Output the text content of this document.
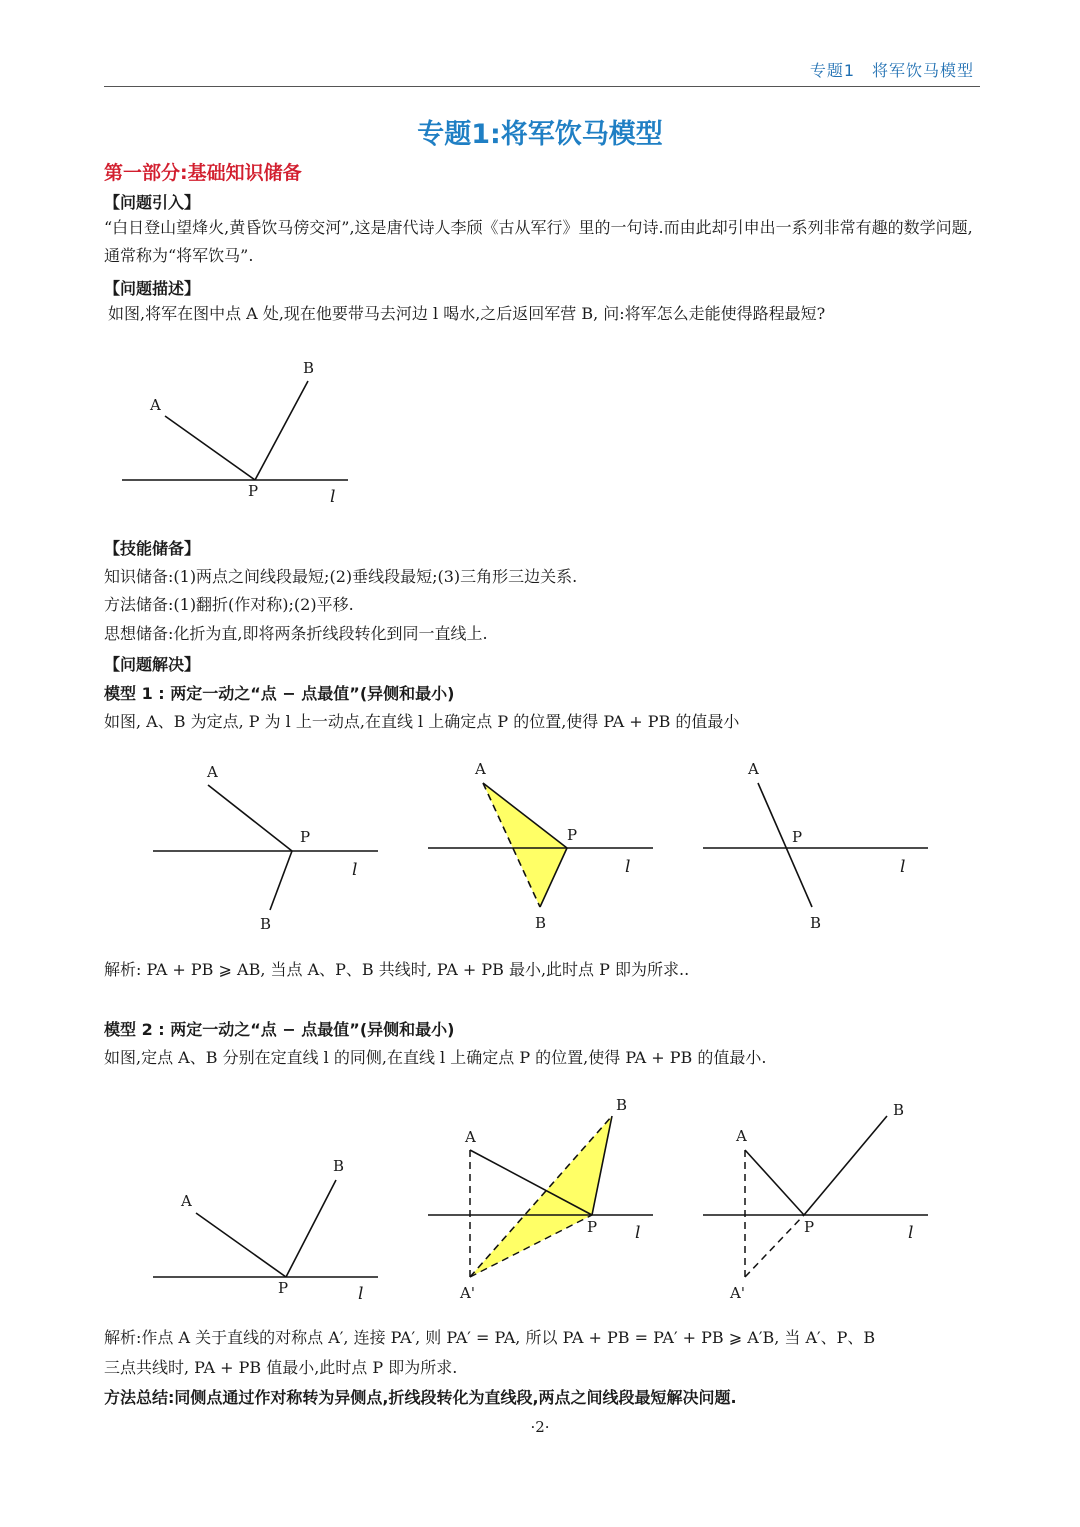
专题1　将军饮马模型
专题1:将军饮马模型
第一部分:基础知识储备
【问题引入】
“白日登山望烽火,黄昏饮马傍交河”,这是唐代诗人李颀《古从军行》里的一句诗.而由此却引申出一系列非常有趣的数学问题,通常称为“将军饮马”.
【问题描述】
如图,将军在图中点 A 处,现在他要带马去河边 l 喝水,之后返回军营 B, 问:将军怎么走能使得路程最短?
A
B
P	l
【技能储备】
知识储备:(1)两点之间线段最短;(2)垂线段最短;(3)三角形三边关系.
方法储备:(1)翻折(作对称);(2)平移.
思想储备:化折为直,即将两条折线段转化到同一直线上.
【问题解决】
模型 1 : 两定一动之“点 − 点最值”(异侧和最小)
如图, A、B 为定点, P 为 l 上一动点,在直线 l 上确定点 P 的位置,使得 PA + PB 的值最小
A
P
l
B
A
P
l
B
A
P
l
B
解析: PA + PB ⩾ AB, 当点 A、P、B 共线时, PA + PB 最小,此时点 P 即为所求..
模型 2 : 两定一动之“点 − 点最值”(异侧和最小)
如图,定点 A、B 分别在定直线 l 的同侧,在直线 l 上确定点 P 的位置,使得 PA + PB 的值最小.
A
B
P	l
A
B
P l
A'
A
B
P	l
A'
解析:作点 A 关于直线的对称点 A′, 连接 PA′, 则 PA′ = PA, 所以 PA + PB = PA′ + PB ⩾ A′B, 当 A′、P、B
三点共线时, PA + PB 值最小,此时点 P 即为所求.
方法总结:同侧点通过作对称转为异侧点,折线段转化为直线段,两点之间线段最短解决问题.
·2·
